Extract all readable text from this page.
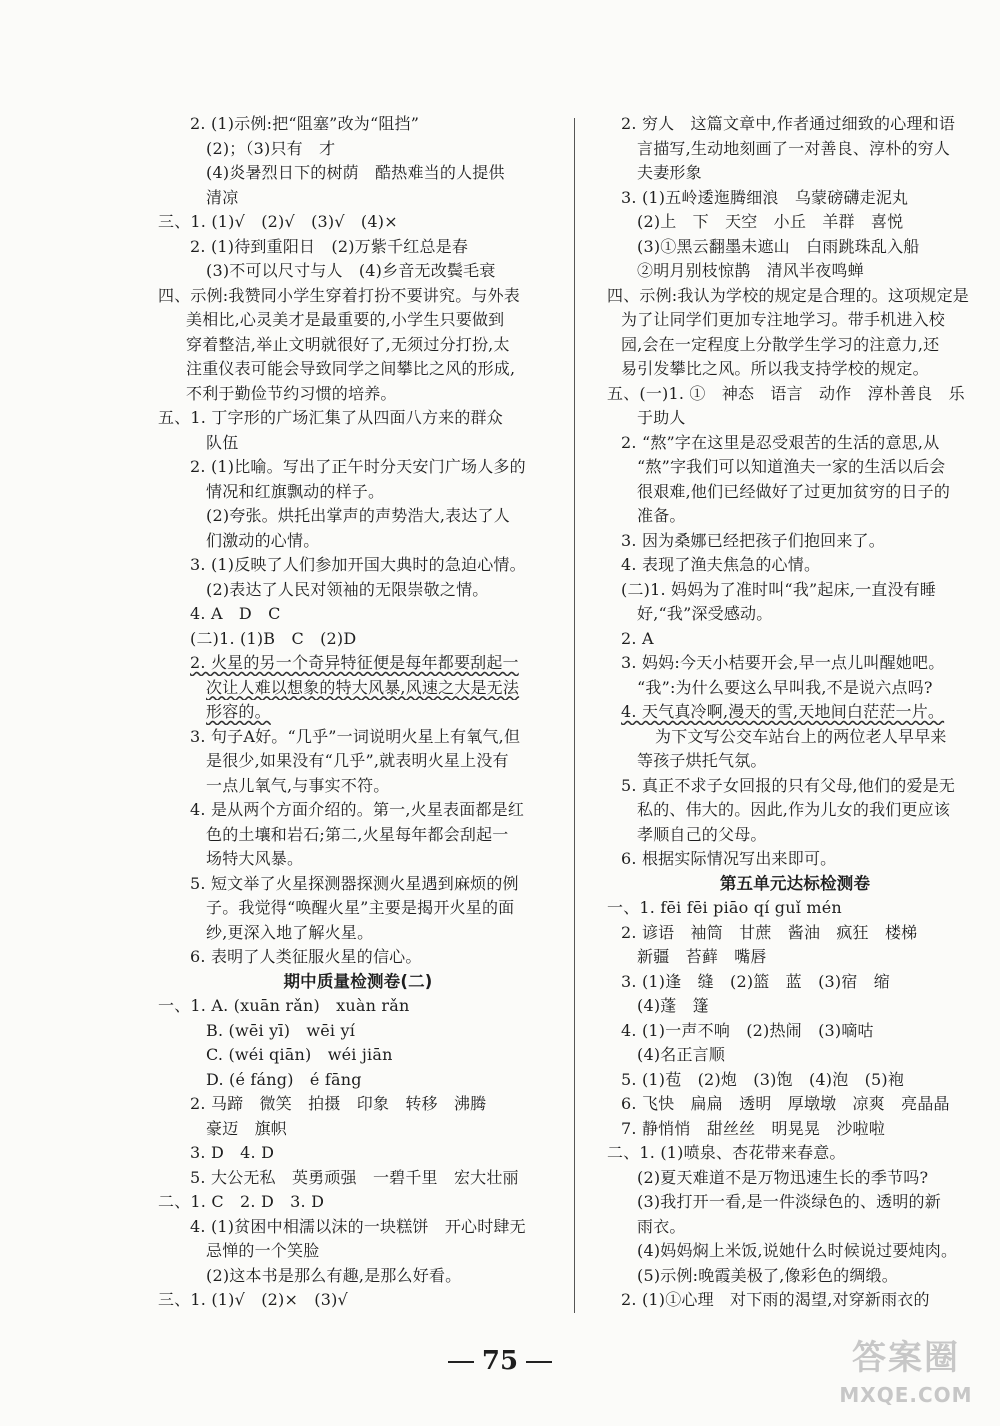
2. (1)示例:把“阻塞”改为“阻挡”
(2)；（3)只有　才
(4)炎暑烈日下的树荫　酷热难当的人提供
清凉
三、1. (1)√　(2)√　(3)√　(4)×
2. (1)待到重阳日　(2)万紫千红总是春
(3)不可以尺寸与人　(4)乡音无改鬓毛衰
四、示例:我赞同小学生穿着打扮不要讲究。与外表
美相比,心灵美才是最重要的,小学生只要做到
穿着整洁,举止文明就很好了,无须过分打扮,太
注重仪表可能会导致同学之间攀比之风的形成,
不利于勤俭节约习惯的培养。
五、1. 丁字形的广场汇集了从四面八方来的群众
队伍
2. (1)比喻。写出了正午时分天安门广场人多的
情况和红旗飘动的样子。
(2)夸张。烘托出掌声的声势浩大,表达了人
们激动的心情。
3. (1)反映了人们参加开国大典时的急迫心情。
(2)表达了人民对领袖的无限崇敬之情。
4. A　D　C
(二)1. (1)B　C　(2)D
2. 火星的另一个奇异特征便是每年都要刮起一
次让人难以想象的特大风暴,风速之大是无法
形容的。
3. 句子A好。“几乎”一词说明火星上有氧气,但
是很少,如果没有“几乎”,就表明火星上没有
一点儿氧气,与事实不符。
4. 是从两个方面介绍的。第一,火星表面都是红
色的土壤和岩石;第二,火星每年都会刮起一
场特大风暴。
5. 短文举了火星探测器探测火星遇到麻烦的例
子。我觉得“唤醒火星”主要是揭开火星的面
纱,更深入地了解火星。
6. 表明了人类征服火星的信心。
期中质量检测卷(二)
一、1. A. (xuān rǎn)　xuàn rǎn
B. (wēi yī)　wēi yí
C. (wéi qiān)　wéi jiān
D. (é fáng)　é fāng
2. 马蹄　微笑　拍摄　印象　转移　沸腾
豪迈　旗帜
3. D　4. D
5. 大公无私　英勇顽强　一碧千里　宏大壮丽
二、1. C　2. D　3. D
4. (1)贫困中相濡以沫的一块糕饼　开心时肆无
忌惮的一个笑脸
(2)这本书是那么有趣,是那么好看。
三、1. (1)√　(2)×　(3)√
2. 穷人　这篇文章中,作者通过细致的心理和语
言描写,生动地刻画了一对善良、淳朴的穷人
夫妻形象
3. (1)五岭逶迤腾细浪　乌蒙磅礴走泥丸
(2)上　下　天空　小丘　羊群　喜悦
(3)①黑云翻墨未遮山　白雨跳珠乱入船
②明月别枝惊鹊　清风半夜鸣蝉
四、示例:我认为学校的规定是合理的。这项规定是
为了让同学们更加专注地学习。带手机进入校
园,会在一定程度上分散学生学习的注意力,还
易引发攀比之风。所以我支持学校的规定。
五、(一)1. ①　神态　语言　动作　淳朴善良　乐
于助人
2. “熬”字在这里是忍受艰苦的生活的意思,从
“熬”字我们可以知道渔夫一家的生活以后会
很艰难,他们已经做好了过更加贫穷的日子的
准备。
3. 因为桑娜已经把孩子们抱回来了。
4. 表现了渔夫焦急的心情。
(二)1. 妈妈为了准时叫“我”起床,一直没有睡
好,“我”深受感动。
2. A
3. 妈妈:今天小桔要开会,早一点儿叫醒她吧。
“我”:为什么要这么早叫我,不是说六点吗?
4. 天气真冷啊,漫天的雪,天地间白茫茫一片。
为下文写公交车站台上的两位老人早早来
等孩子烘托气氛。
5. 真正不求子女回报的只有父母,他们的爱是无
私的、伟大的。因此,作为儿女的我们更应该
孝顺自己的父母。
6. 根据实际情况写出来即可。
第五单元达标检测卷
一、1. fēi fēi piāo qí guǐ mén
2. 谚语　袖筒　甘蔗　酱油　疯狂　楼梯
新疆　苔藓　嘴唇
3. (1)逢　缝　(2)篮　蓝　(3)宿　缩
(4)蓬　篷
4. (1)一声不响　(2)热闹　(3)嘀咕
(4)名正言顺
5. (1)苞　(2)炮　(3)饱　(4)泡　(5)袍
6. 飞快　扁扁　透明　厚墩墩　凉爽　亮晶晶
7. 静悄悄　甜丝丝　明晃晃　沙啦啦
二、1. (1)喷泉、杏花带来春意。
(2)夏天难道不是万物迅速生长的季节吗?
(3)我打开一看,是一件淡绿色的、透明的新
雨衣。
(4)妈妈焖上米饭,说她什么时候说过要炖肉。
(5)示例:晚霞美极了,像彩色的绸缎。
2. (1)①心理　对下雨的渴望,对穿新雨衣的
75	答案圈
MXQE.COM
